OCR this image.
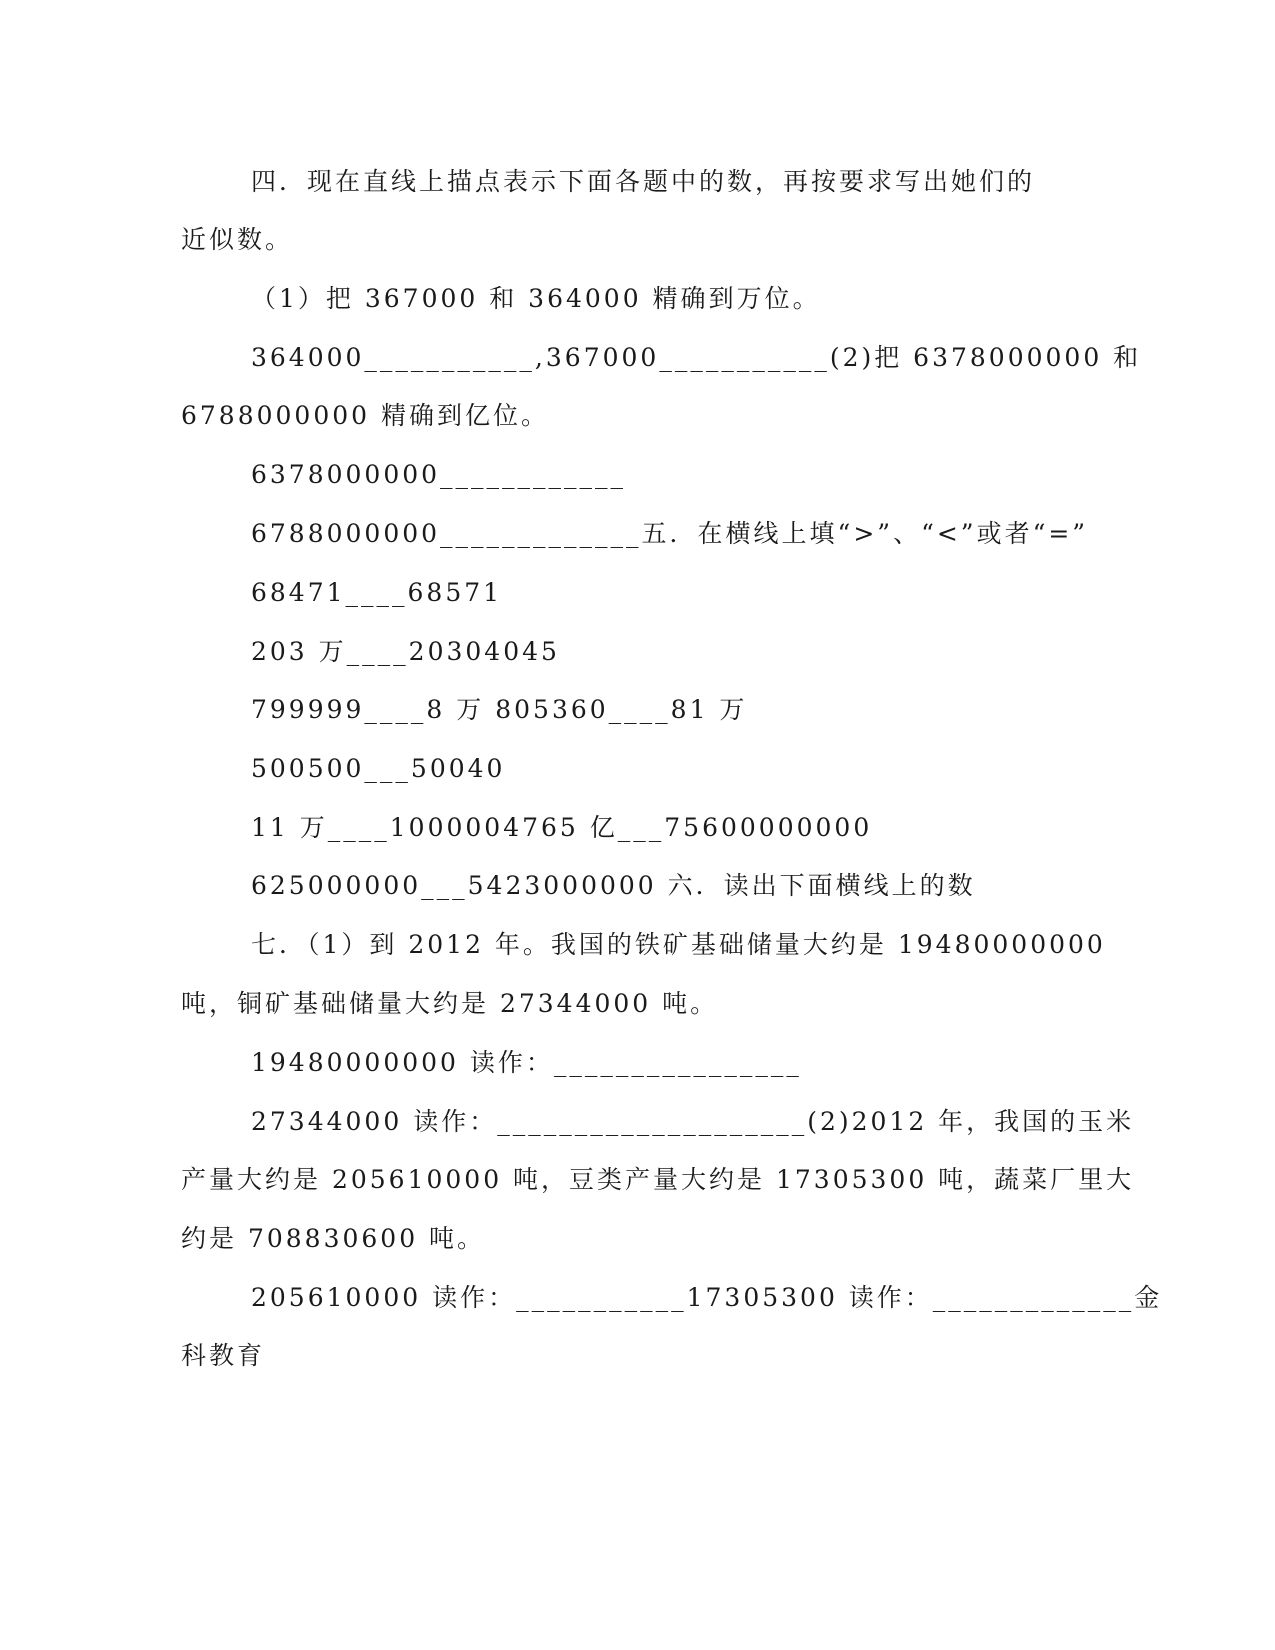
四．现在直线上描点表示下面各题中的数，再按要求写出她们的
近似数。
（1）把 367000 和 364000 精确到万位。
364000___________,367000___________(2)把 6378000000 和
6788000000 精确到亿位。
6378000000____________
6788000000_____________五．在横线上填“>”、“<”或者“=”
68471____68571
203 万____20304045
799999____8 万 805360____81 万
500500___50040
11 万____1000004765 亿___75600000000
625000000___5423000000 六．读出下面横线上的数
七．（1）到 2012 年。我国的铁矿基础储量大约是 19480000000
吨，铜矿基础储量大约是 27344000 吨。
19480000000 读作：________________
27344000 读作：____________________(2)2012 年，我国的玉米
产量大约是 205610000 吨，豆类产量大约是 17305300 吨，蔬菜厂里大
约是 708830600 吨。
205610000 读作：___________17305300 读作：_____________金
科教育
